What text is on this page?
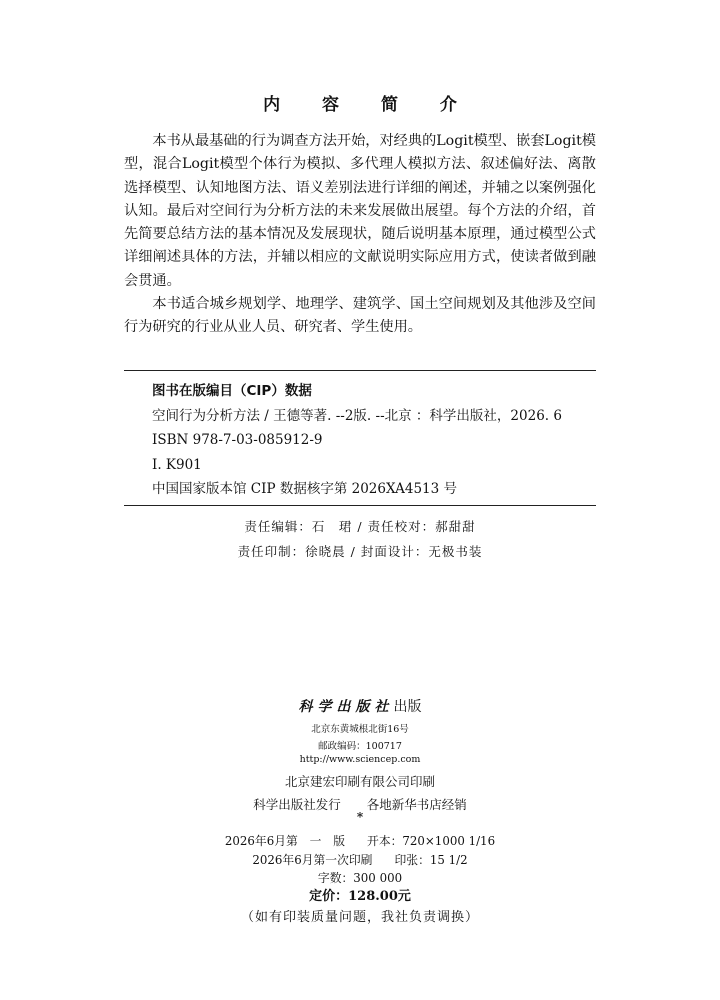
内 容 简 介

本书从最基础的行为调查方法开始，对经典的Logit模型、嵌套Logit模型，混合Logit模型个体行为模拟、多代理人模拟方法、叙述偏好法、离散选择模型、认知地图方法、语义差别法进行详细的阐述，并辅之以案例强化认知。最后对空间行为分析方法的未来发展做出展望。每个方法的介绍，首先简要总结方法的基本情况及发展现状，随后说明基本原理，通过模型公式详细阐述具体的方法，并辅以相应的文献说明实际应用方式，使读者做到融会贯通。

本书适合城乡规划学、地理学、建筑学、国土空间规划及其他涉及空间行为研究的行业从业人员、研究者、学生使用。

图书在版编目（CIP）数据
空间行为分析方法 / 王德等著. --2版. --北京 ：科学出版社，2026. 6
ISBN 978-7-03-085912-9
Ⅰ. K901
中国国家版本馆 CIP 数据核字第 2026XA4513 号
责任编辑：石　珺 / 责任校对：郝甜甜
责任印制：徐晓晨 / 封面设计：无极书装
科学出版社出版
北京东黄城根北街16号
邮政编码：100717
http://www.sciencep.com
北京建宏印刷有限公司印刷
科学出版社发行 各地新华书店经销
*
2026年6月第　一　版 开本：720×1000 1/16
2026年6月第一次印刷 印张：15 1/2
字数：300 000
定价：128.00元
（如有印装质量问题，我社负责调换）
